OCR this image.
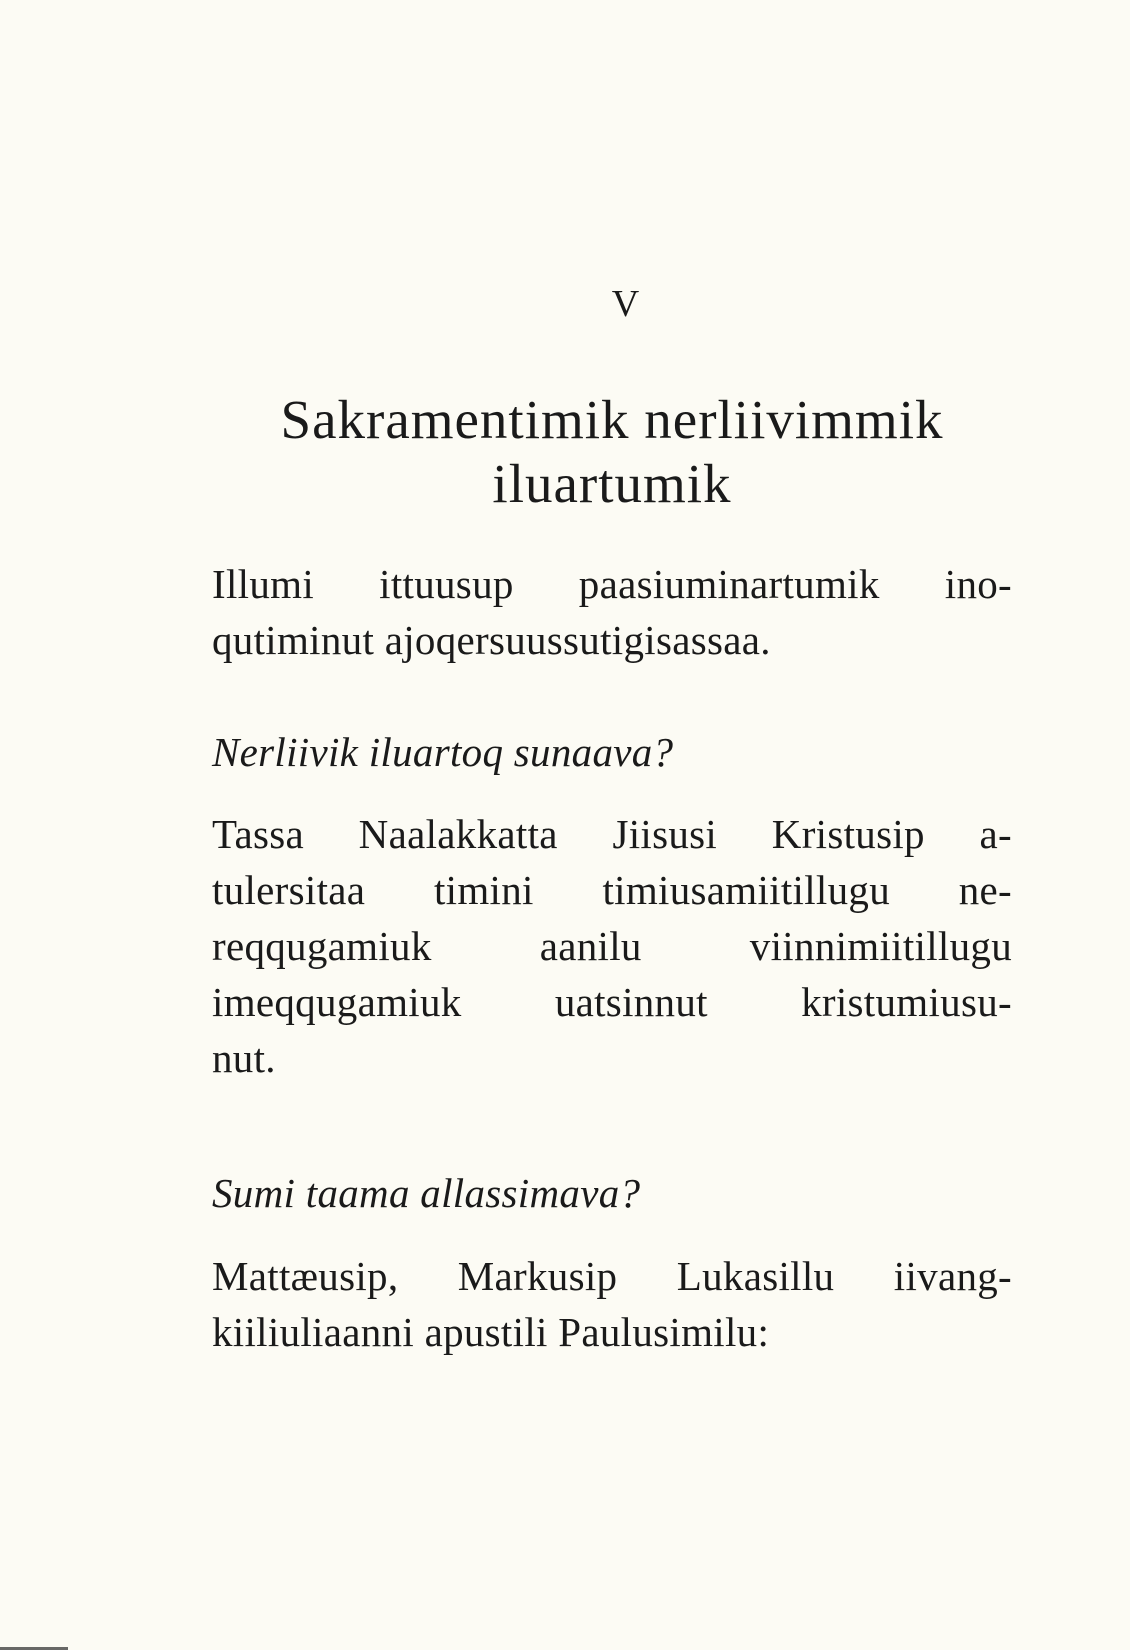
V
Sakramentimik nerliivimmik
iluartumik
Illumi ittuusup paasiuminartumik ino-
qutiminut ajoqersuussutigisassaa.
Nerliivik iluartoq sunaava?
Tassa Naalakkatta Jiisusi Kristusip a-
tulersitaa timini timiusamiitillugu ne-
reqqugamiuk aanilu viinnimiitillugu
imeqqugamiuk uatsinnut kristumiusu-
nut.
Sumi taama allassimava?
Mattæusip, Markusip Lukasillu iivang-
kiiliuliaanni apustili Paulusimilu:
